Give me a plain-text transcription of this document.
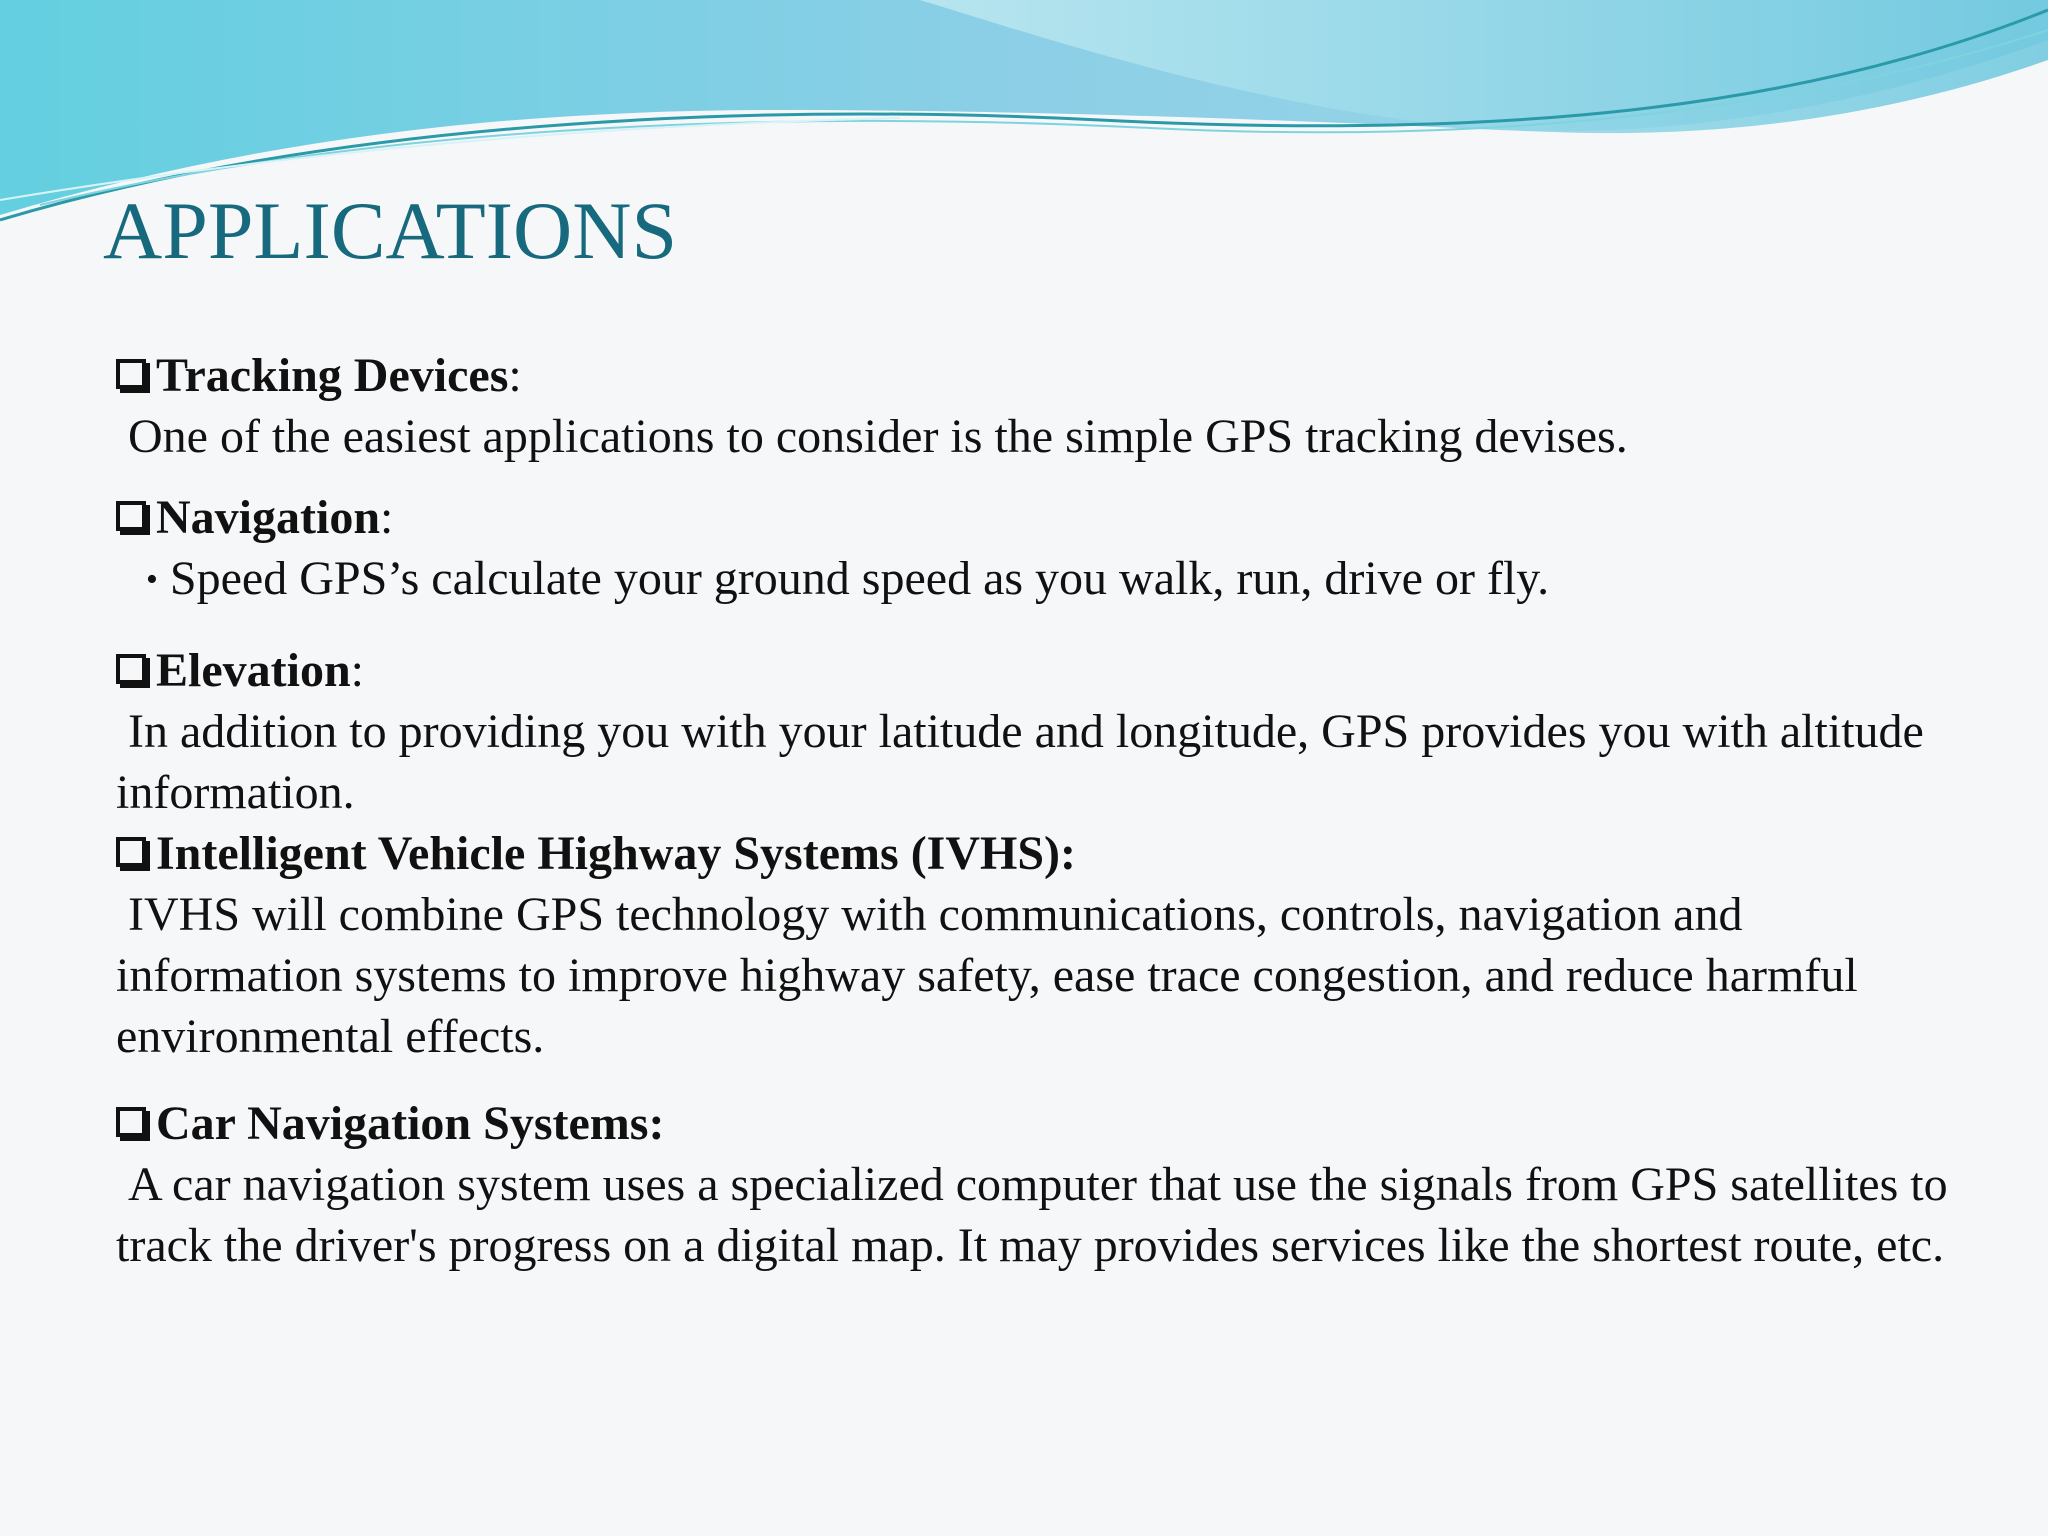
APPLICATIONS
Tracking Devices :

One of the easiest applications to consider is the simple GPS tracking devises.

Navigation :
• Speed GPS’s calculate your ground speed as you walk, run, drive or fly.
Elevation :

In addition to providing you with your latitude and longitude, GPS provides you with altitude information.

Intelligent Vehicle Highway Systems (IVHS):

IVHS will combine GPS technology with communications, controls, navigation and information systems to improve highway safety, ease trace congestion, and reduce harmful environmental effects.

Car Navigation Systems:

A car navigation system uses a specialized computer that use the signals from GPS satellites to track the driver's progress on a digital map. It may provides services like the shortest route, etc.
